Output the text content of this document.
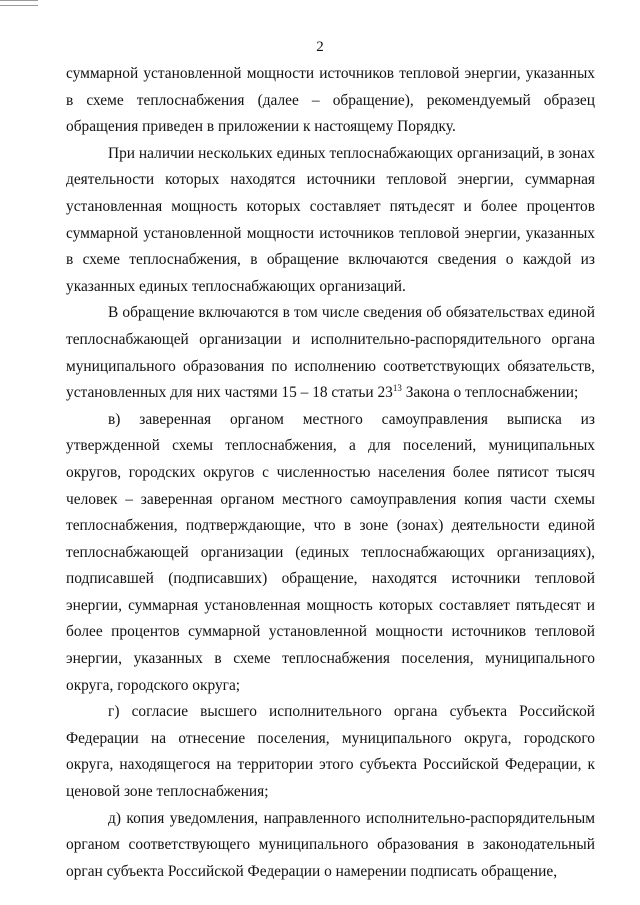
2

суммарной установленной мощности источников тепловой энергии, указанных в схеме теплоснабжения (далее – обращение), рекомендуемый образец обращения приведен в приложении к настоящему Порядку.

При наличии нескольких единых теплоснабжающих организаций, в зонах деятельности которых находятся источники тепловой энергии, суммарная установленная мощность которых составляет пятьдесят и более процентов суммарной установленной мощности источников тепловой энергии, указанных в схеме теплоснабжения, в обращение включаются сведения о каждой из указанных единых теплоснабжающих организаций.

В обращение включаются в том числе сведения об обязательствах единой теплоснабжающей организации и исполнительно-распорядительного органа муниципального образования по исполнению соответствующих обязательств, установленных для них частями 15 – 18 статьи $23^{13}$ Закона о теплоснабжении;

в) заверенная органом местного самоуправления выписка из утвержденной схемы теплоснабжения, а для поселений, муниципальных округов, городских округов с численностью населения более пятисот тысяч человек – заверенная органом местного самоуправления копия части схемы теплоснабжения, подтверждающие, что в зоне (зонах) деятельности единой теплоснабжающей организации (единых теплоснабжающих организациях), подписавшей (подписавших) обращение, находятся источники тепловой энергии, суммарная установленная мощность которых составляет пятьдесят и более процентов суммарной установленной мощности источников тепловой энергии, указанных в схеме теплоснабжения поселения, муниципального округа, городского округа;

г) согласие высшего исполнительного органа субъекта Российской Федерации на отнесение поселения, муниципального округа, городского округа, находящегося на территории этого субъекта Российской Федерации, к ценовой зоне теплоснабжения;

д) копия уведомления, направленного исполнительно-распорядительным органом соответствующего муниципального образования в законодательный орган субъекта Российской Федерации о намерении подписать обращение,
